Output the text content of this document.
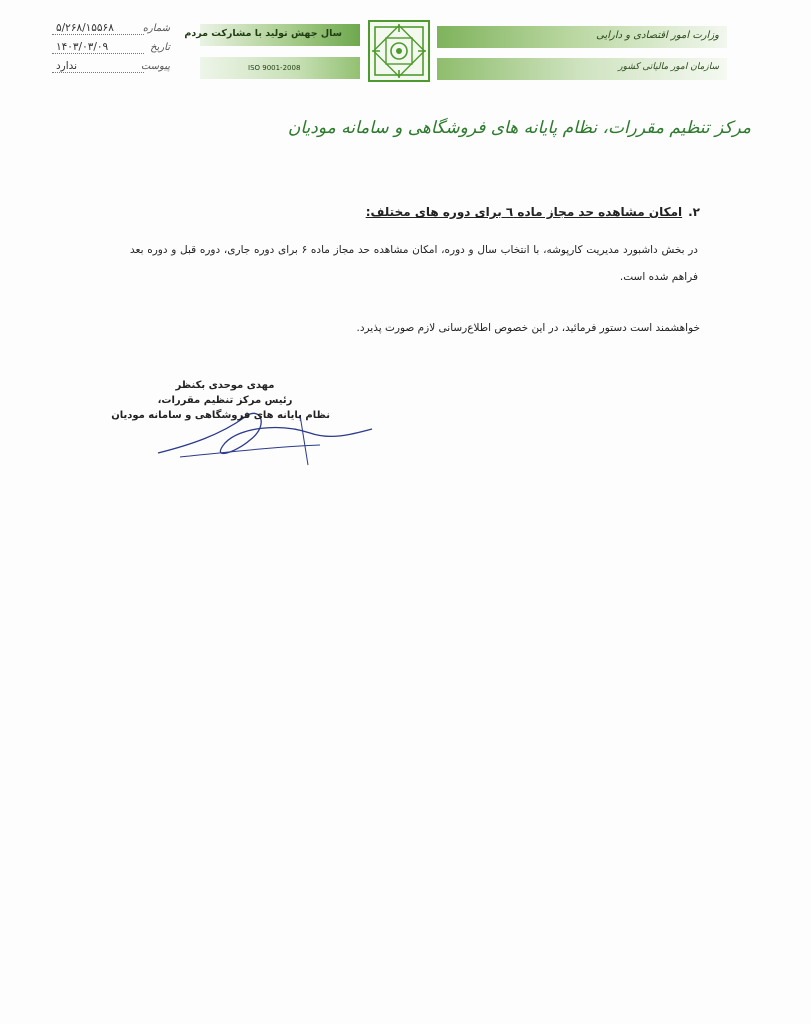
شماره
۵/۲۶۸/۱۵۵۶۸
تاریخ
۱۴۰۳/۰۳/۰۹
پیوست
ندارد
سال جهش تولید با مشارکت مردم
ISO 9001-2008
وزارت امور اقتصادی و دارایی
سازمان امور مالیاتی کشور
مرکز تنظیم مقررات، نظام پایانه های فروشگاهی و سامانه مودیان
۲.امکان مشاهده حد مجاز ماده ٦ برای دوره های مختلف:
در بخش داشبورد مدیریت کارپوشه، با انتخاب سال و دوره، امکان مشاهده حد مجاز ماده ۶ برای دوره جاری، دوره قبل و دوره بعد فراهم شده است.
خواهشمند است دستور فرمائید، در این خصوص اطلاع‌رسانی لازم صورت پذیرد.
مهدی موحدی بکنظر
رئیس مرکز تنظیم مقررات،
نظام پایانه های فروشگاهی و سامانه مودیان
